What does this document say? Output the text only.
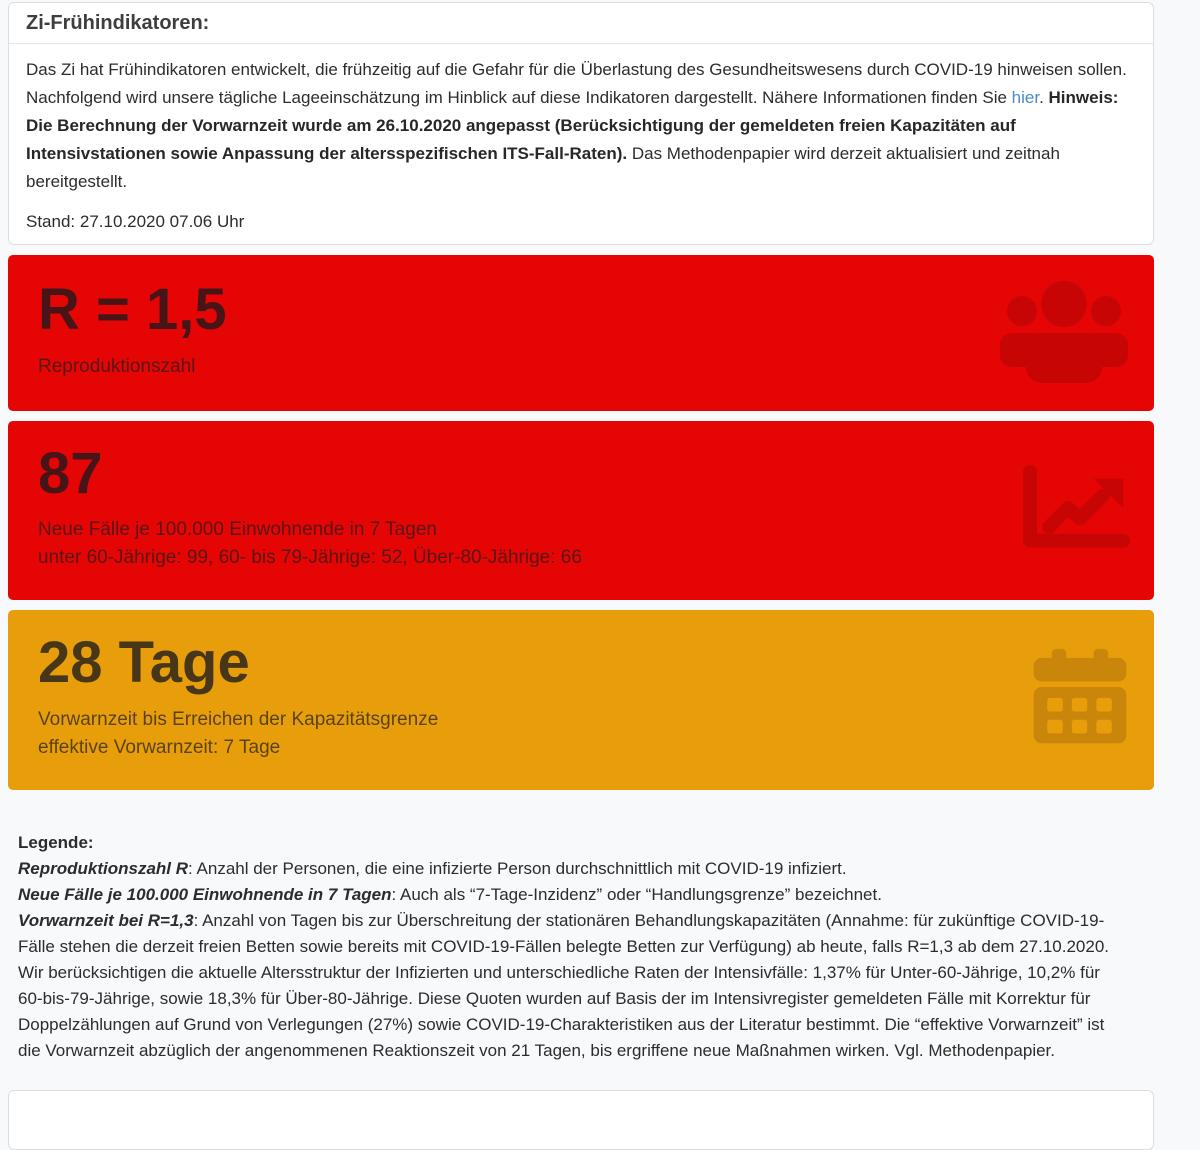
Zi-Frühindikatoren:

Das Zi hat Frühindikatoren entwickelt, die frühzeitig auf die Gefahr für die Überlastung des Gesundheitswesens durch COVID-19 hinweisen sollen. Nachfolgend wird unsere tägliche Lageeinschätzung im Hinblick auf diese Indikatoren dargestellt. Nähere Informationen finden Sie hier. Hinweis: Die Berechnung der Vorwarnzeit wurde am 26.10.2020 angepasst (Berücksichtigung der gemeldeten freien Kapazitäten auf Intensivstationen sowie Anpassung der altersspezifischen ITS-Fall-Raten). Das Methodenpapier wird derzeit aktualisiert und zeitnah bereitgestellt.

Stand: 27.10.2020 07.06 Uhr

R = 1,5
Reproduktionszahl
87
Neue Fälle je 100.000 Einwohnende in 7 Tagen
unter 60-Jährige: 99, 60- bis 79-Jährige: 52, Über-80-Jährige: 66
28 Tage
Vorwarnzeit bis Erreichen der Kapazitätsgrenze
effektive Vorwarnzeit: 7 Tage

Legende:

Reproduktionszahl R: Anzahl der Personen, die eine infizierte Person durchschnittlich mit COVID-19 infiziert.

Neue Fälle je 100.000 Einwohnende in 7 Tagen: Auch als “7-Tage-Inzidenz” oder “Handlungsgrenze” bezeichnet.

Vorwarnzeit bei R=1,3: Anzahl von Tagen bis zur Überschreitung der stationären Behandlungskapazitäten (Annahme: für zukünftige COVID-19-Fälle stehen die derzeit freien Betten sowie bereits mit COVID-19-Fällen belegte Betten zur Verfügung) ab heute, falls R=1,3 ab dem 27.10.2020. Wir berücksichtigen die aktuelle Altersstruktur der Infizierten und unterschiedliche Raten der Intensivfälle: 1,37% für Unter-60-Jährige, 10,2% für 60-bis-79-Jährige, sowie 18,3% für Über-80-Jährige. Diese Quoten wurden auf Basis der im Intensivregister gemeldeten Fälle mit Korrektur für Doppelzählungen auf Grund von Verlegungen (27%) sowie COVID-19-Charakteristiken aus der Literatur bestimmt. Die “effektive Vorwarnzeit” ist die Vorwarnzeit abzüglich der angenommenen Reaktionszeit von 21 Tagen, bis ergriffene neue Maßnahmen wirken. Vgl. Methodenpapier.
